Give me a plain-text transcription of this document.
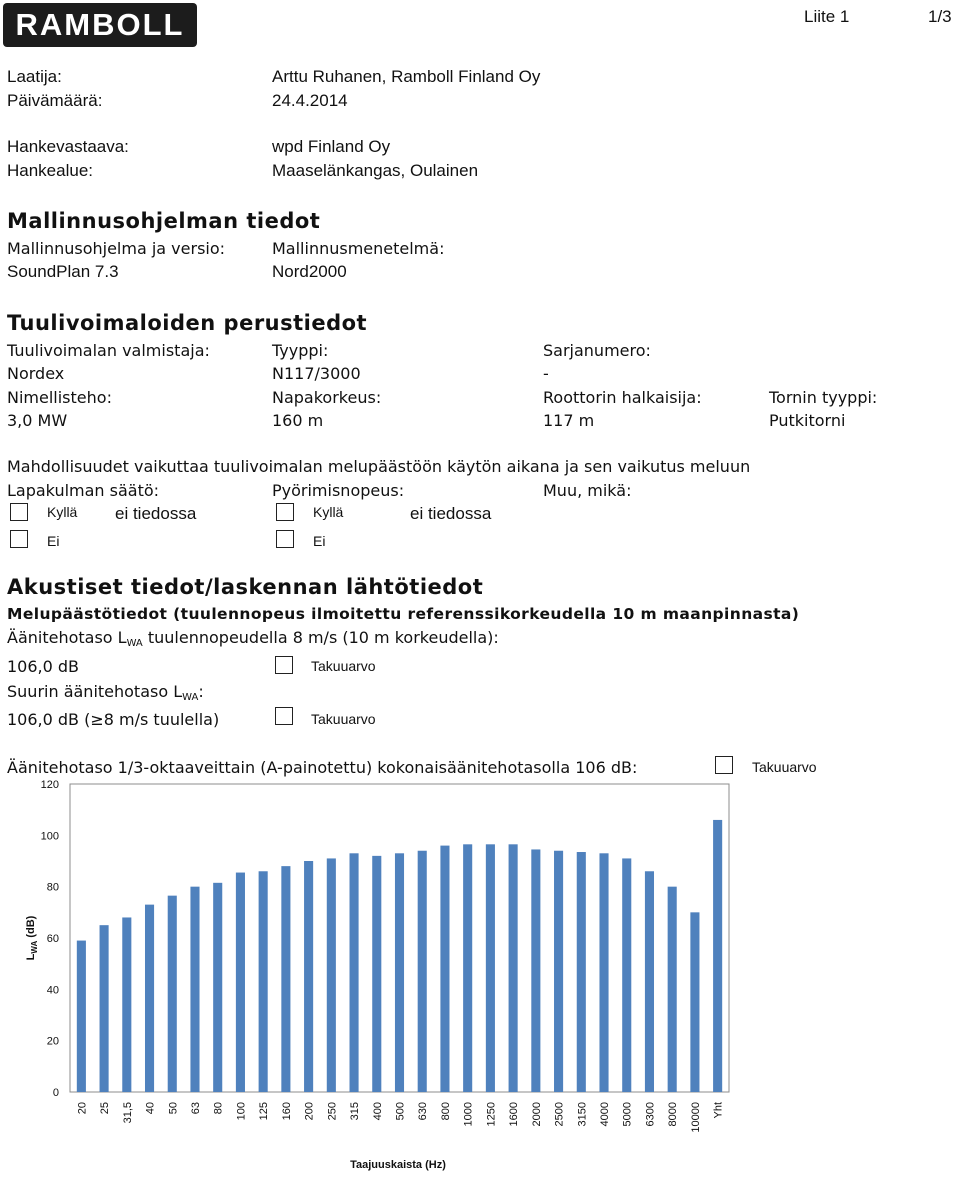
RAMBOLL	Liite 1	1/3
Laatija:	Arttu Ruhanen, Ramboll Finland Oy
Päivämäärä:	24.4.2014
Hankevastaava:	wpd Finland Oy
Hankealue:	Maaselänkangas, Oulainen
Mallinnusohjelman tiedot
Mallinnusohjelma ja versio:	Mallinnusmenetelmä:
SoundPlan 7.3	Nord2000
Tuulivoimaloiden perustiedot
Tuulivoimalan valmistaja:	Tyyppi:	Sarjanumero:
Nordex	N117/3000	-
Nimellisteho:	Napakorkeus:	Roottorin halkaisija:	Tornin tyyppi:
3,0 MW	160 m	117 m	Putkitorni
Mahdollisuudet vaikuttaa tuulivoimalan melupäästöön käytön aikana ja sen vaikutus meluun
Lapakulman säätö:	Pyörimisnopeus:	Muu, mikä:
Kyllä ei tiedossa	Kyllä	ei tiedossa
Ei	Ei
Akustiset tiedot/laskennan lähtötiedot
Melupäästötiedot (tuulennopeus ilmoitettu referenssikorkeudella 10 m maanpinnasta)
Äänitehotaso $L_{WA}$ tuulennopeudella 8 m/s (10 m korkeudella):
106,0 dB	Takuuarvo
Suurin äänitehotaso $L_{WA}$:
106,0 dB (≥8 m/s tuulella)	Takuuarvo
Äänitehotaso 1/3-oktaaveittain (A-painotettu) kokonaisäänitehotasolla 106 dB:	Takuuarvo
0
20
40
60
80
100
120
20 25 31,5 40 50 63 80 100 125 160 200 250 315 400 500 630 800 1000 1250 1600 2000 2500 3150 4000 5000 6300 8000 10000 Yht
Taajuuskaista (Hz)
$L_{WA}$ (dB)
